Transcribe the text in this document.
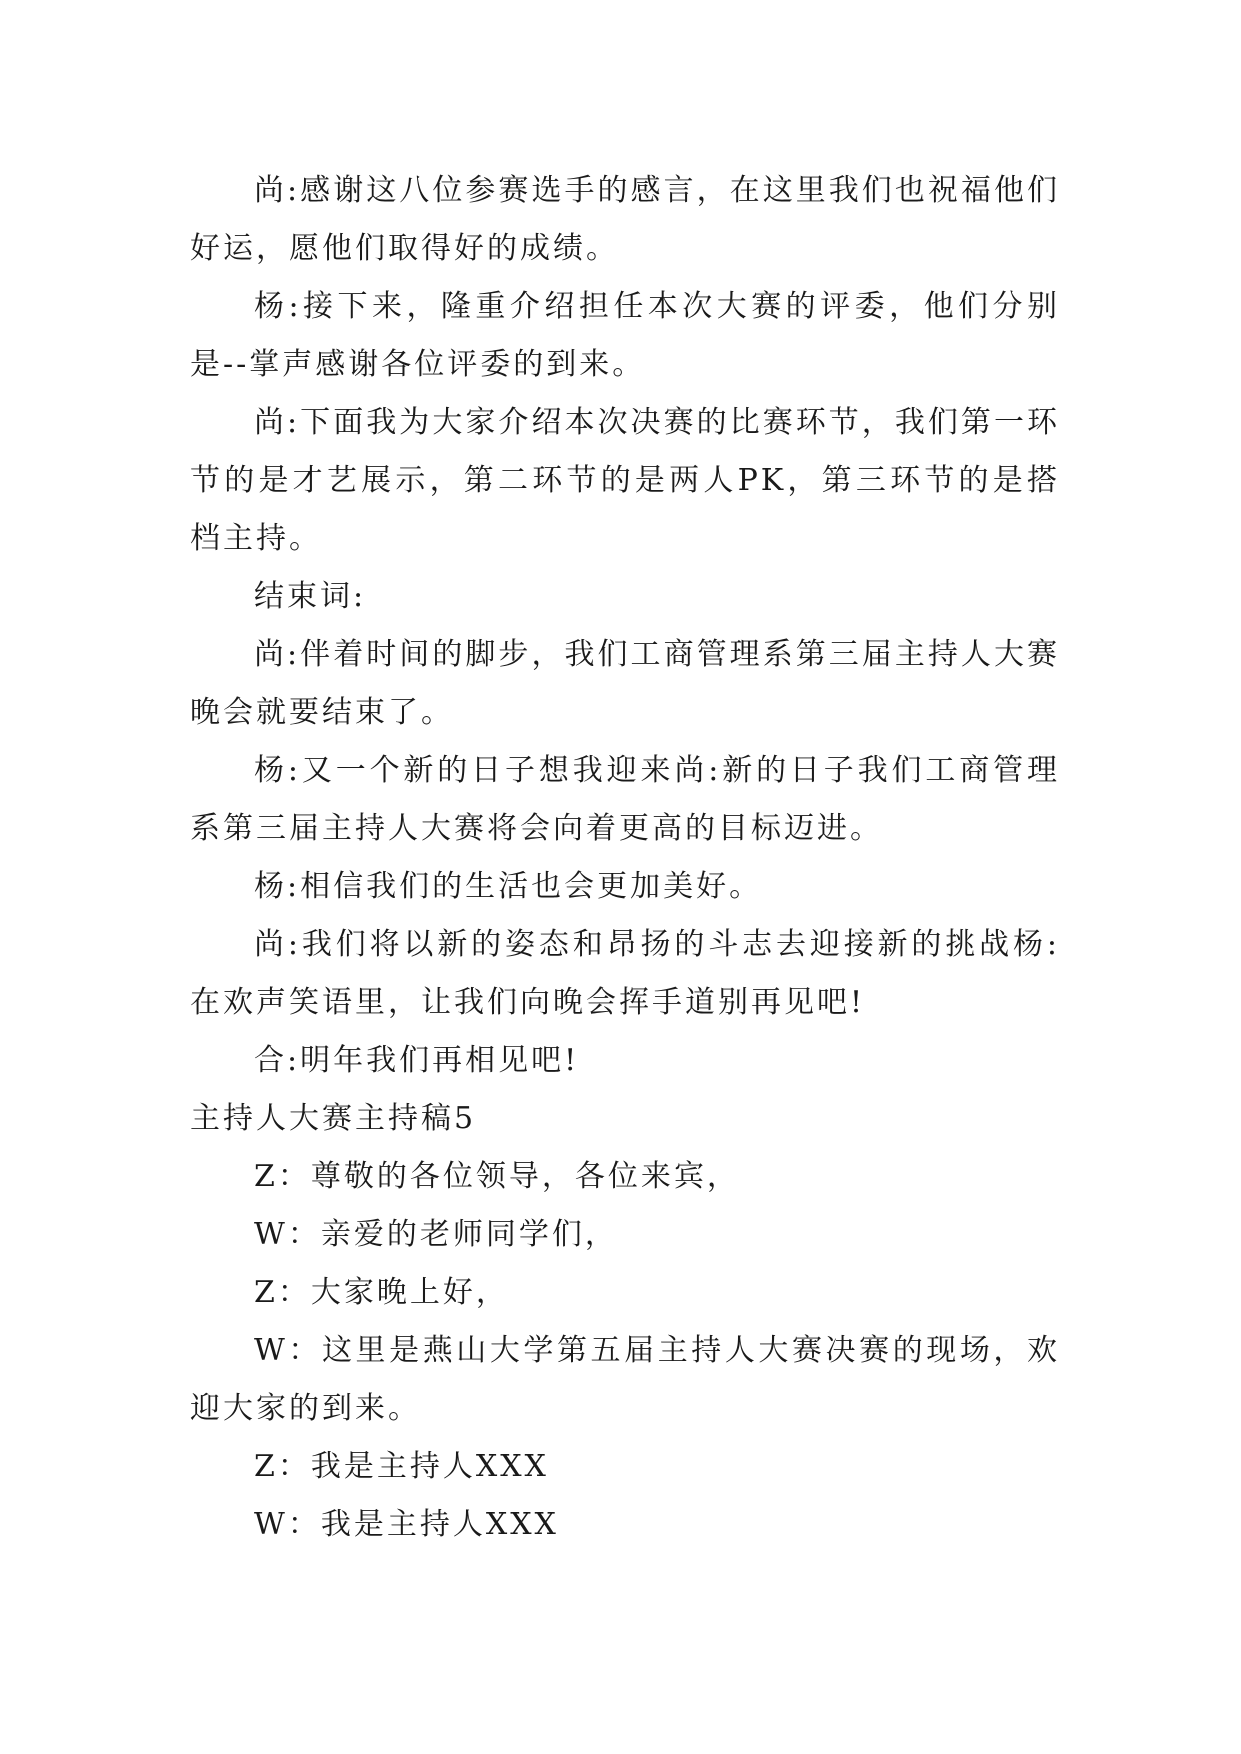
尚:感谢这八位参赛选手的感言，在这里我们也祝福他们好运，愿他们取得好的成绩。

杨:接下来，隆重介绍担任本次大赛的评委，他们分别是--掌声感谢各位评委的到来。

尚:下面我为大家介绍本次决赛的比赛环节，我们第一环节的是才艺展示，第二环节的是两人PK，第三环节的是搭档主持。

结束词:

尚:伴着时间的脚步，我们工商管理系第三届主持人大赛晚会就要结束了。

杨:又一个新的日子想我迎来尚:新的日子我们工商管理系第三届主持人大赛将会向着更高的目标迈进。

杨:相信我们的生活也会更加美好。

尚:我们将以新的姿态和昂扬的斗志去迎接新的挑战杨:在欢声笑语里，让我们向晚会挥手道别再见吧!

合:明年我们再相见吧!

主持人大赛主持稿5

Z：尊敬的各位领导，各位来宾，

W：亲爱的老师同学们，

Z：大家晚上好，

W：这里是燕山大学第五届主持人大赛决赛的现场，欢迎大家的到来。

Z：我是主持人XXX

W：我是主持人XXX
